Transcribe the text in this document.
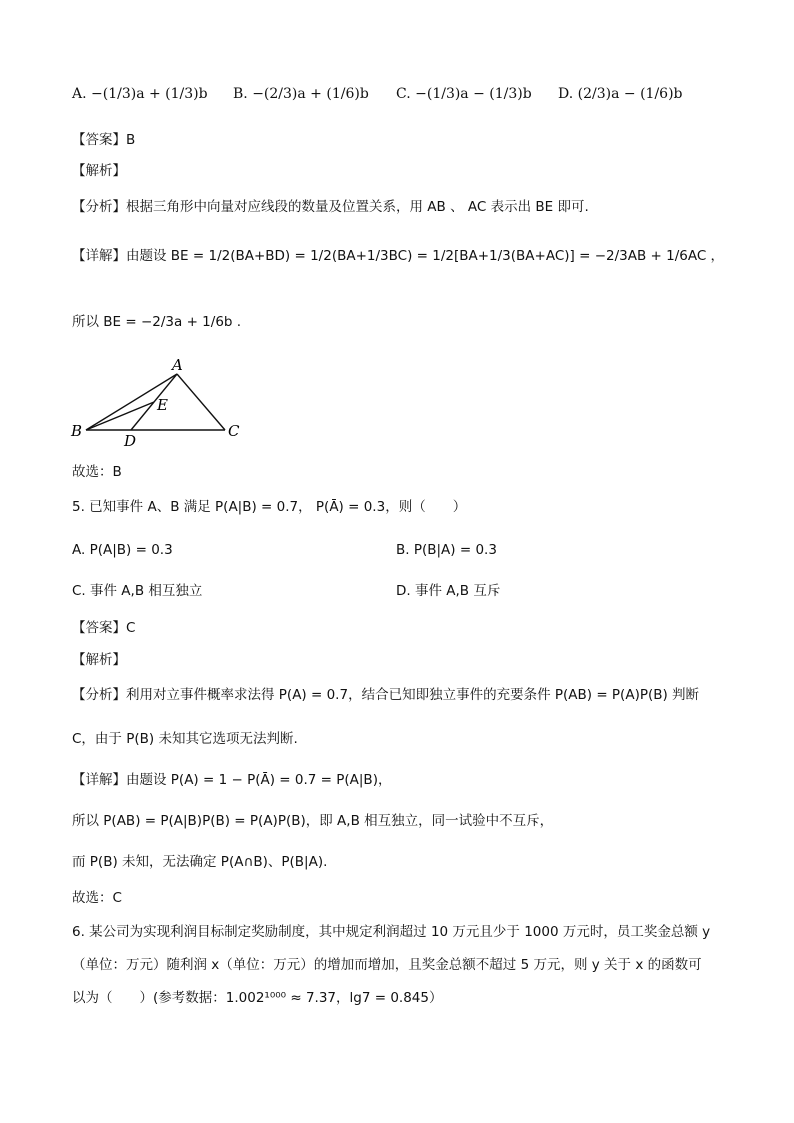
A. −(1/3)a + (1/3)b B. −(2/3)a + (1/6)b C. −(1/3)a − (1/3)b D. (2/3)a − (1/6)b
【答案】B
【解析】
【分析】根据三角形中向量对应线段的数量及位置关系，用 AB 、 AC 表示出 BE 即可.
【详解】由题设 BE = 1/2(BA+BD) = 1/2(BA+1/3BC) = 1/2[BA+1/3(BA+AC)] = −2/3AB + 1/6AC ，
所以 BE = −2/3a + 1/6b .
A
B	C
D
E
故选：B
5. 已知事件 A、B 满足 P(A|B) = 0.7， P(Ā) = 0.3，则（　　）
A. P(A|B) = 0.3	B. P(B|A) = 0.3
C. 事件 A,B 相互独立	D. 事件 A,B 互斥
【答案】C
【解析】
【分析】利用对立事件概率求法得 P(A) = 0.7，结合已知即独立事件的充要条件 P(AB) = P(A)P(B) 判断
C，由于 P(B) 未知其它选项无法判断.
【详解】由题设 P(A) = 1 − P(Ā) = 0.7 = P(A|B)，
所以 P(AB) = P(A|B)P(B) = P(A)P(B)，即 A,B 相互独立，同一试验中不互斥，
而 P(B) 未知，无法确定 P(A∩B)、P(B|A).
故选：C
6. 某公司为实现利润目标制定奖励制度，其中规定利润超过 10 万元且少于 1000 万元时，员工奖金总额 y
（单位：万元）随利润 x（单位：万元）的增加而增加，且奖金总额不超过 5 万元，则 y 关于 x 的函数可
以为（　　）(参考数据：1.002¹⁰⁰⁰ ≈ 7.37，lg7 = 0.845）
